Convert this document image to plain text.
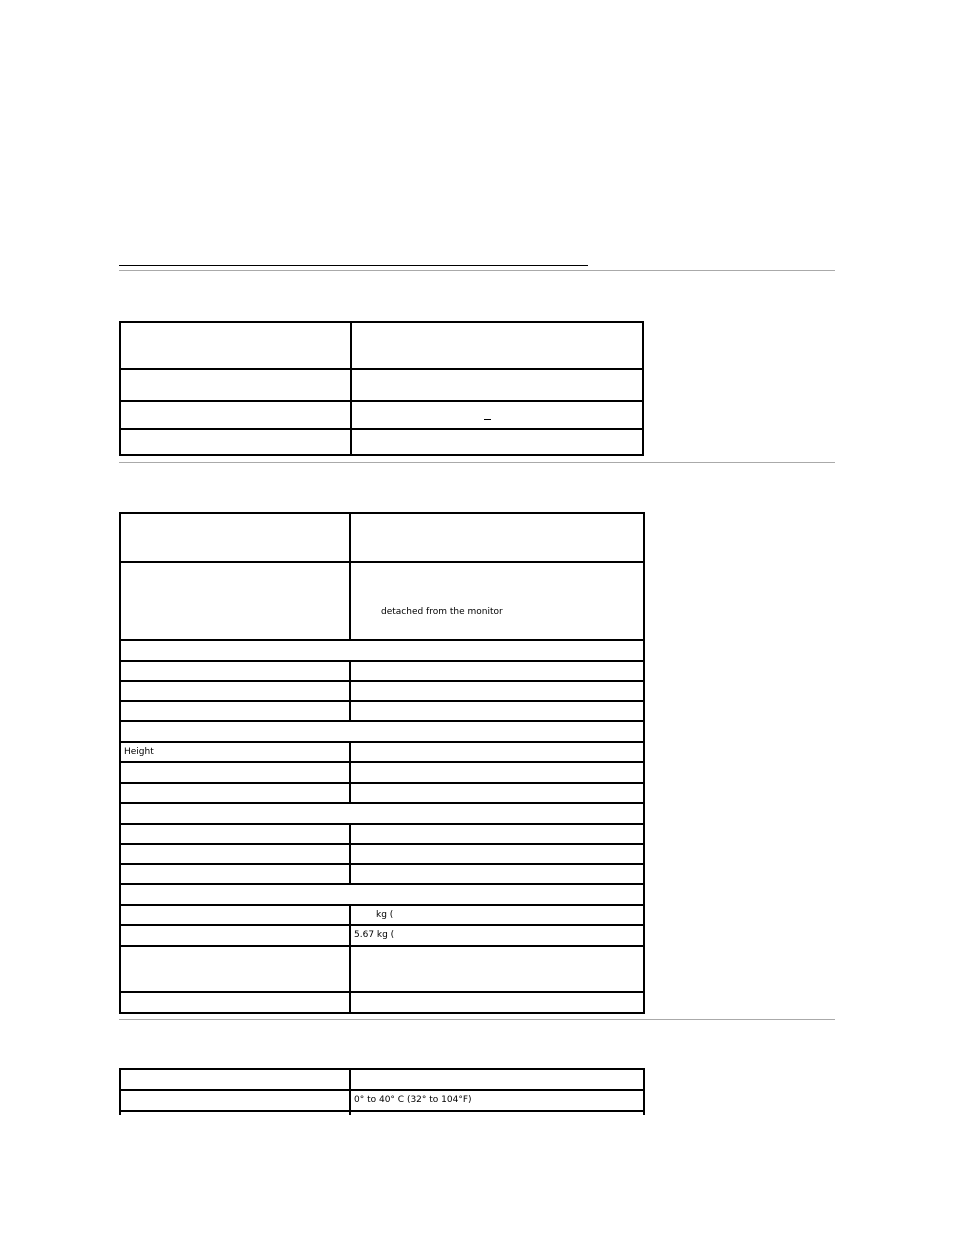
	detached from the monitor

Height	

	kg (
	5.67 kg (

	0° to 40° C (32° to 104°F)
